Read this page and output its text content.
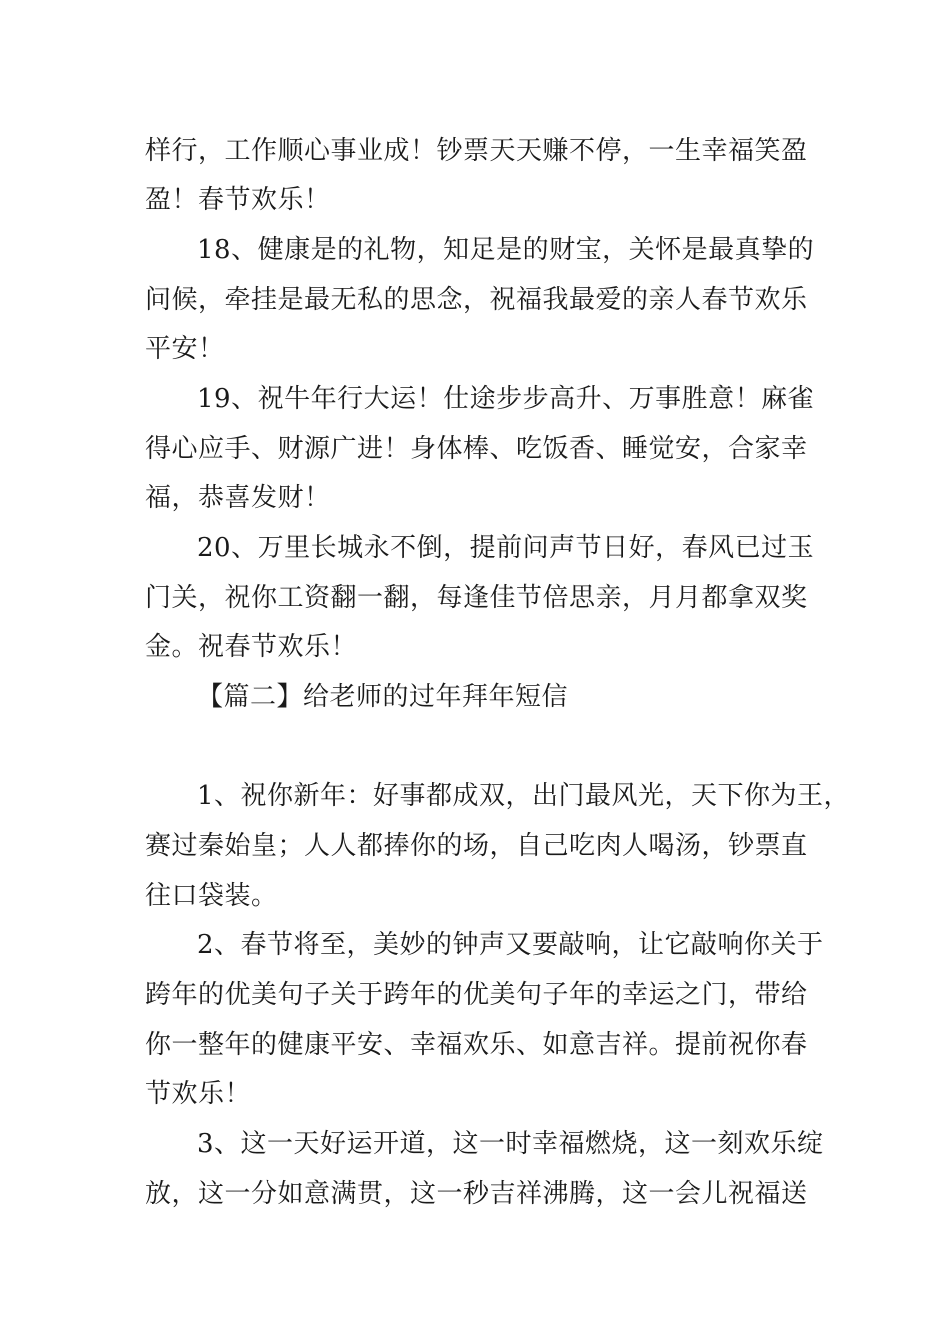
样行，工作顺心事业成！钞票天天赚不停，一生幸福笑盈
盈！春节欢乐！
18、健康是的礼物，知足是的财宝，关怀是最真挚的
问候，牵挂是最无私的思念，祝福我最爱的亲人春节欢乐
平安！
19、祝牛年行大运！仕途步步高升、万事胜意！麻雀
得心应手、财源广进！身体棒、吃饭香、睡觉安，合家幸
福，恭喜发财！
20、万里长城永不倒，提前问声节日好，春风已过玉
门关，祝你工资翻一翻，每逢佳节倍思亲，月月都拿双奖
金。祝春节欢乐！
【篇二】给老师的过年拜年短信
1、祝你新年：好事都成双，出门最风光，天下你为王，
赛过秦始皇；人人都捧你的场，自己吃肉人喝汤，钞票直
往口袋装。
2、春节将至，美妙的钟声又要敲响，让它敲响你关于
跨年的优美句子关于跨年的优美句子年的幸运之门，带给
你一整年的健康平安、幸福欢乐、如意吉祥。提前祝你春
节欢乐！
3、这一天好运开道，这一时幸福燃烧，这一刻欢乐绽
放，这一分如意满贯，这一秒吉祥沸腾，这一会儿祝福送
